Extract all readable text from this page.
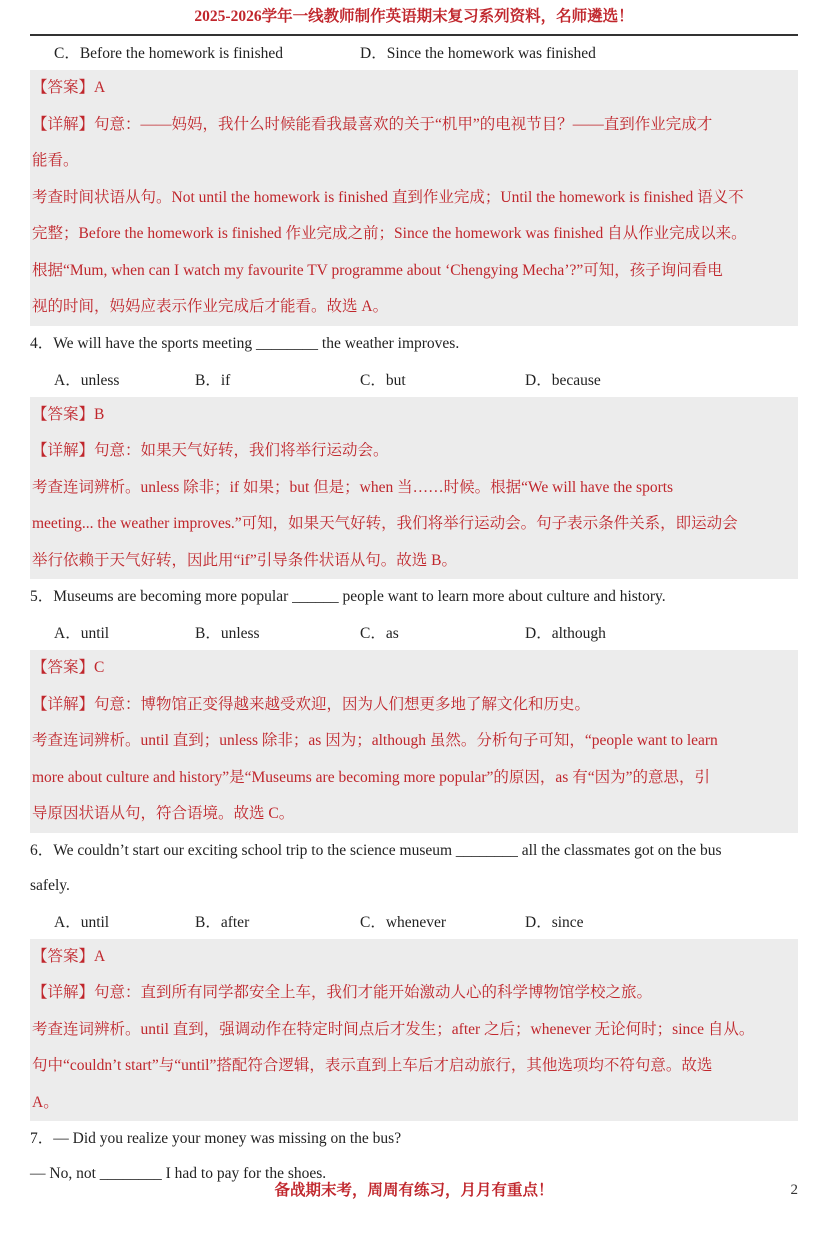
2025-2026学年一线教师制作英语期末复习系列资料，名师遴选！
C．Before the homework is finished	D．Since the homework was finished
【答案】A
【详解】句意：——妈妈，我什么时候能看我最喜欢的关于“机甲”的电视节目？——直到作业完成才
能看。
考查时间状语从句。Not until the homework is finished 直到作业完成；Until the homework is finished 语义不
完整；Before the homework is finished 作业完成之前；Since the homework was finished 自从作业完成以来。
根据“Mum, when can I watch my favourite TV programme about ‘Chengying Mecha’?”可知，孩子询问看电
视的时间，妈妈应表示作业完成后才能看。故选 A。
4．We will have the sports meeting ________ the weather improves.
A．unless	B．if	C．but	D．because
【答案】B
【详解】句意：如果天气好转，我们将举行运动会。
考查连词辨析。unless 除非；if 如果；but 但是；when 当……时候。根据“We will have the sports
meeting... the weather improves.”可知，如果天气好转，我们将举行运动会。句子表示条件关系，即运动会
举行依赖于天气好转，因此用“if”引导条件状语从句。故选 B。
5．Museums are becoming more popular ______ people want to learn more about culture and history.
A．until	B．unless	C．as	D．although
【答案】C
【详解】句意：博物馆正变得越来越受欢迎，因为人们想更多地了解文化和历史。
考查连词辨析。until 直到；unless 除非；as 因为；although 虽然。分析句子可知，“people want to learn
more about culture and history”是“Museums are becoming more popular”的原因，as 有“因为”的意思，引
导原因状语从句，符合语境。故选 C。
6．We couldn’t start our exciting school trip to the science museum ________ all the classmates got on the bus
safely.
A．until	B．after	C．whenever	D．since
【答案】A
【详解】句意：直到所有同学都安全上车，我们才能开始激动人心的科学博物馆学校之旅。
考查连词辨析。until 直到，强调动作在特定时间点后才发生；after 之后；whenever 无论何时；since 自从。
句中“couldn’t start”与“until”搭配符合逻辑，表示直到上车后才启动旅行，其他选项均不符句意。故选
A。
7．— Did you realize your money was missing on the bus?
— No, not ________ I had to pay for the shoes.
备战期末考，周周有练习，月月有重点！	2
